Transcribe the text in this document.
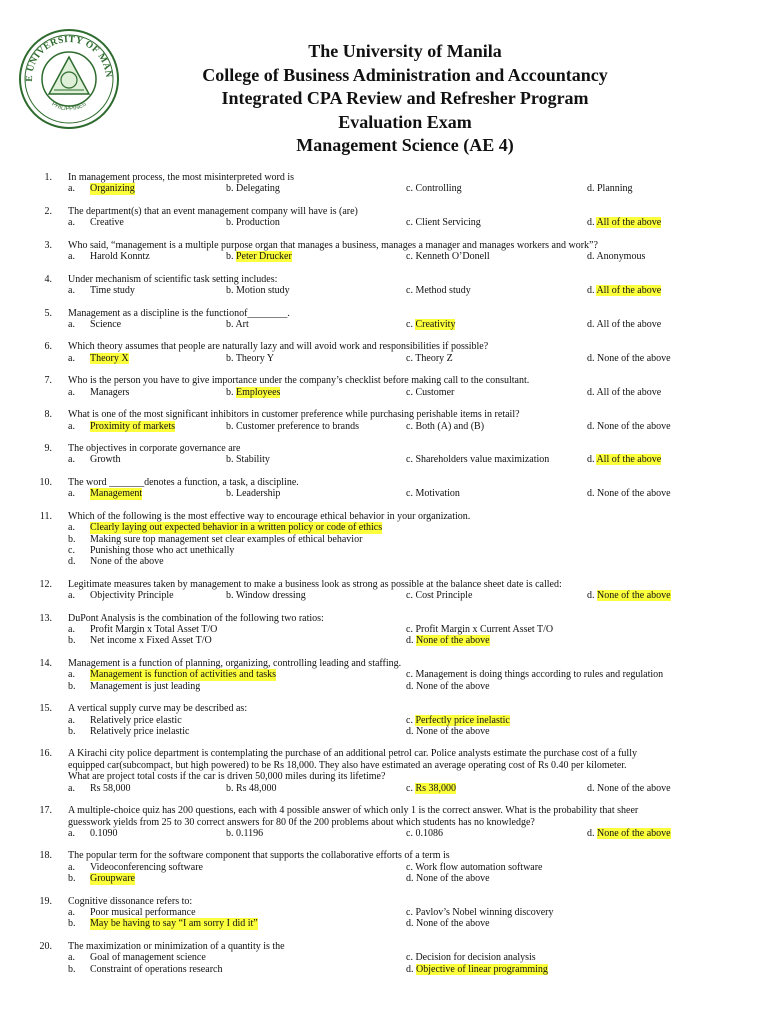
E UNIVERSITY OF MAN
PHILIPPINES
The University of Manila
College of Business Administration and Accountancy
Integrated CPA Review and Refresher Program
Evaluation Exam
Management Science (AE 4)
1. In management process, the most misinterpreted word is
a. Organizing	b. Delegating	c. Controlling	d. Planning
2. The department(s) that an event management company will have is (are)
a. Creative	b. Production	c. Client Servicing	d. All of the above
3. Who said, “management is a multiple purpose organ that manages a business, manages a manager and manages workers and work”?
a. Harold Konntz	b. Peter Drucker	c. Kenneth O’Donell	d. Anonymous
4. Under mechanism of scientific task setting includes:
a. Time study	b. Motion study	c. Method study	d. All of the above
5. Management as a discipline is the functionof________.
a. Science	b. Art	c. Creativity	d. All of the above
6. Which theory assumes that people are naturally lazy and will avoid work and responsibilities if possible?
a. Theory X	b. Theory Y	c. Theory Z	d. None of the above
7. Who is the person you have to give importance under the company’s checklist before making call to the consultant.
a. Managers	b. Employees	c. Customer	d. All of the above
8. What is one of the most significant inhibitors in customer preference while purchasing perishable items in retail?
a. Proximity of markets	b. Customer preference to brands	c. Both (A) and (B)	d. None of the above
9. The objectives in corporate governance are
a. Growth	b. Stability	c. Shareholders value maximization	d. All of the above
10. The word _______denotes a function, a task, a discipline.
a. Management	b. Leadership	c. Motivation	d. None of the above
11. Which of the following is the most effective way to encourage ethical behavior in your organization.
a. Clearly laying out expected behavior in a written policy or code of ethics
b. Making sure top management set clear examples of ethical behavior
c. Punishing those who act unethically
d. None of the above
12. Legitimate measures taken by management to make a business look as strong as possible at the balance sheet date is called:
a. Objectivity Principle	b. Window dressing	c. Cost Principle	d. None of the above
13. DuPont Analysis is the combination of the following two ratios:
a. Profit Margin x Total Asset T/O	c. Profit Margin x Current Asset T/O
b. Net income x Fixed Asset T/O	d. None of the above
14. Management is a function of planning, organizing, controlling leading and staffing.
a. Management is function of activities and tasks	c. Management is doing things according to rules and regulation
b. Management is just leading	d. None of the above
15. A vertical supply curve may be described as:
a. Relatively price elastic	c. Perfectly price inelastic
b. Relatively price inelastic	d. None of the above
16. A Kirachi city police department is contemplating the purchase of an additional petrol car. Police analysts estimate the purchase cost of a fully
equipped car(subcompact, but high powered) to be Rs 18,000. They also have estimated an average operating cost of Rs 0.40 per kilometer.
What are project total costs if the car is driven 50,000 miles during its lifetime?
a. Rs 58,000	b. Rs 48,000	c. Rs 38,000	d. None of the above
17. A multiple-choice quiz has 200 questions, each with 4 possible answer of which only 1 is the correct answer. What is the probability that sheer
guesswork yields from 25 to 30 correct answers for 80 0f the 200 problems about which students has no knowledge?
a. 0.1090	b. 0.1196	c. 0.1086	d. None of the above
18. The popular term for the software component that supports the collaborative efforts of a term is
a. Videoconferencing software	c. Work flow automation software
b. Groupware	d. None of the above
19. Cognitive dissonance refers to:
a. Poor musical performance	c. Pavlov’s Nobel winning discovery
b. May be having to say “I am sorry I did it”	d. None of the above
20. The maximization or minimization of a quantity is the
a. Goal of management science	c. Decision for decision analysis
b. Constraint of operations research	d. Objective of linear programming
